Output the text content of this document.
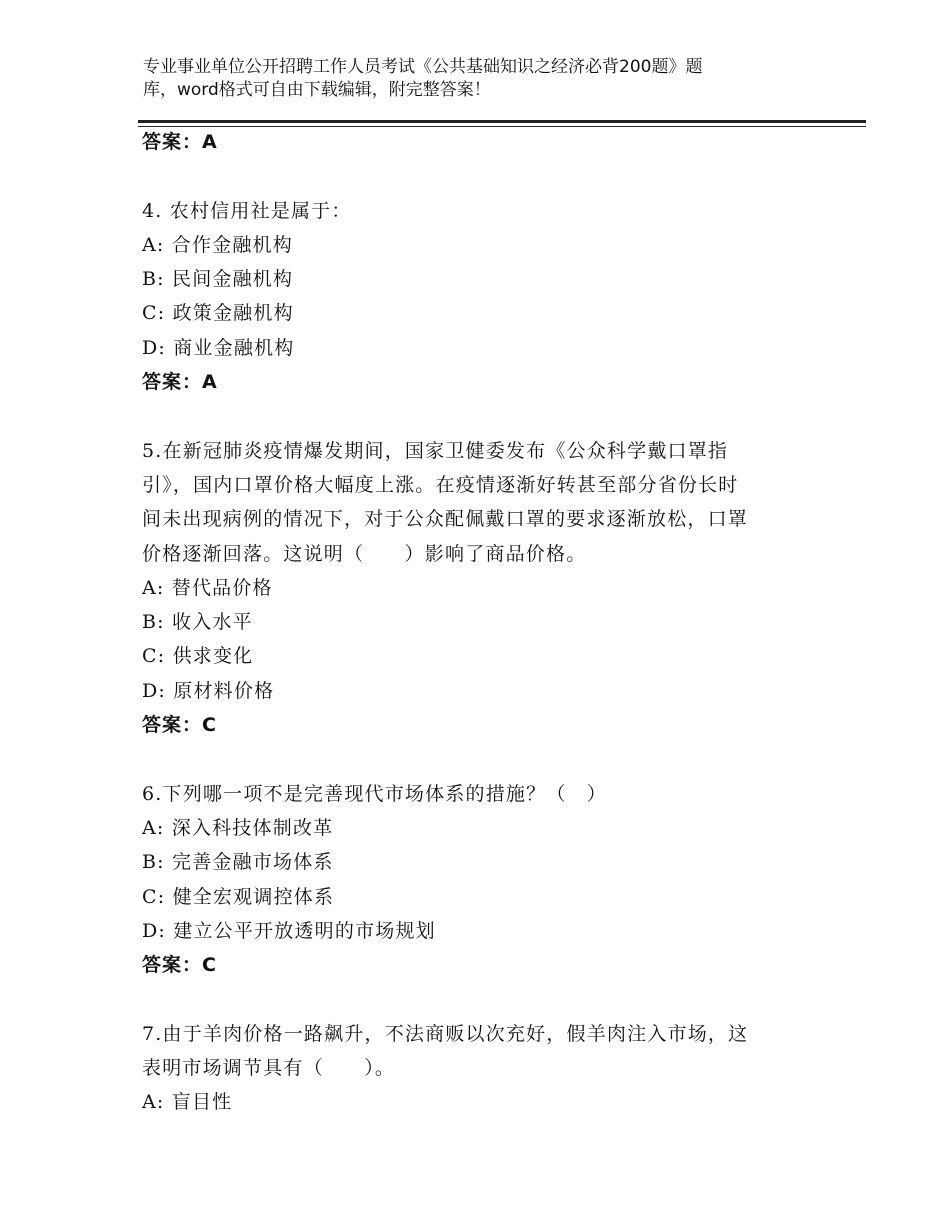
专业事业单位公开招聘工作人员考试《公共基础知识之经济必背200题》题
库，word格式可自由下载编辑，附完整答案！
答案：A
4. 农村信用社是属于：
A: 合作金融机构
B: 民间金融机构
C: 政策金融机构
D: 商业金融机构
答案：A
5.在新冠肺炎疫情爆发期间，国家卫健委发布《公众科学戴口罩指
引》，国内口罩价格大幅度上涨。在疫情逐渐好转甚至部分省份长时
间未出现病例的情况下，对于公众配佩戴口罩的要求逐渐放松，口罩
价格逐渐回落。这说明（　　）影响了商品价格。
A: 替代品价格
B: 收入水平
C: 供求变化
D: 原材料价格
答案：C
6.下列哪一项不是完善现代市场体系的措施？（　）
A: 深入科技体制改革
B: 完善金融市场体系
C: 健全宏观调控体系
D: 建立公平开放透明的市场规划
答案：C
7.由于羊肉价格一路飙升，不法商贩以次充好，假羊肉注入市场，这
表明市场调节具有（　　）。
A: 盲目性
